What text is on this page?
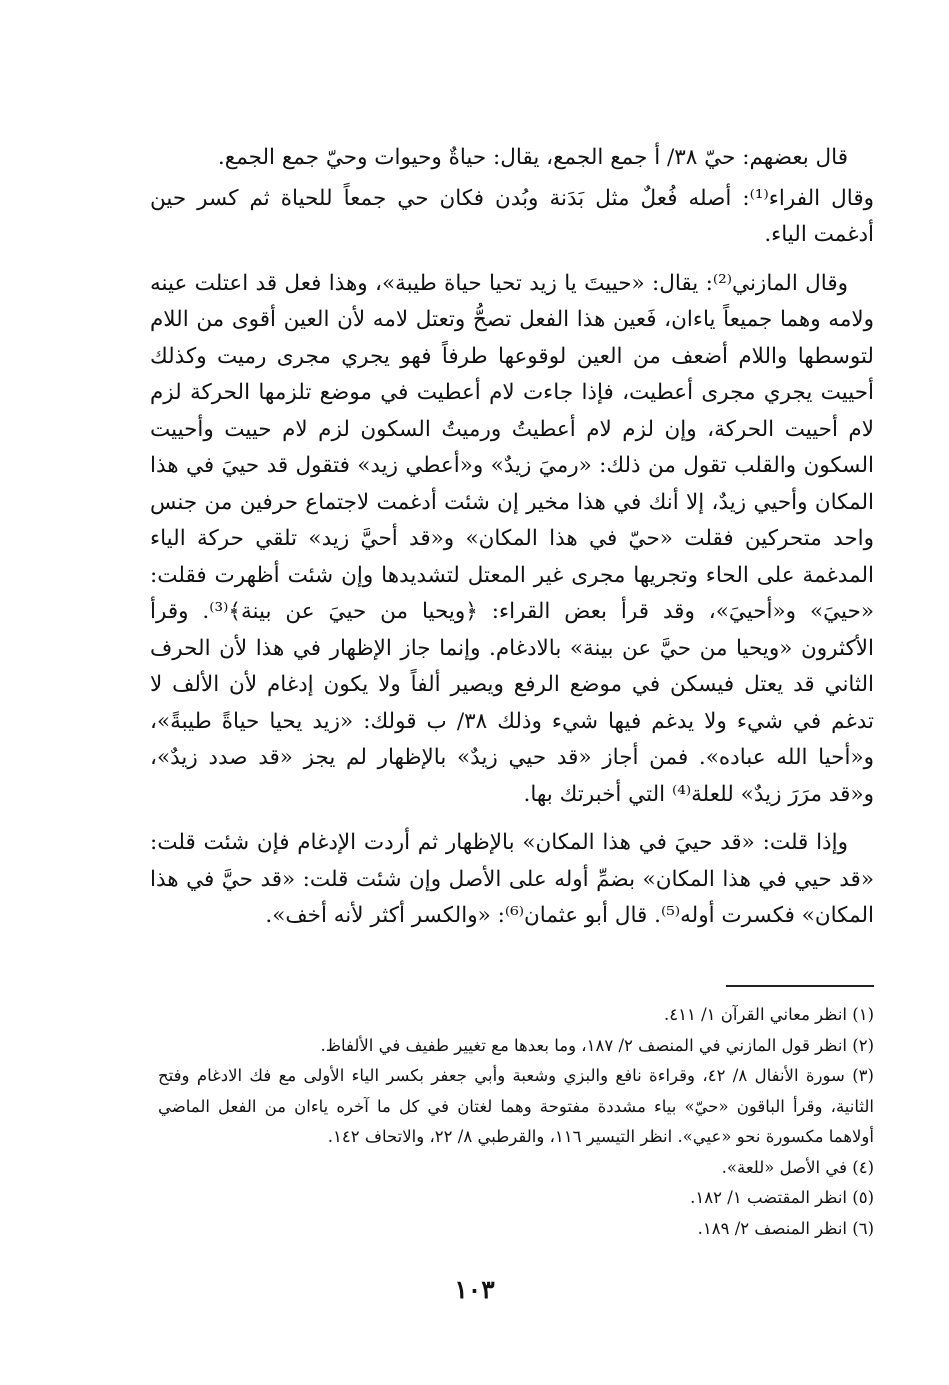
قال بعضهم: حيّ ٣٨/ أ جمع الجمع، يقال: حياةٌ وحيوات وحيّ جمع الجمع.

وقال الفراء⁽¹⁾: أصله فُعلٌ مثل بَدَنة وبُدن فكان حي جمعاً للحياة ثم كسر حين أدغمت الياء.

وقال المازني⁽²⁾: يقال: «حييتَ يا زيد تحيا حياة طيبة»، وهذا فعل قد اعتلت عينه ولامه وهما جميعاً ياءان، فَعين هذا الفعل تصحُّ وتعتل لامه لأن العين أقوى من اللام لتوسطها واللام أضعف من العين لوقوعها طرفاً فهو يجري مجرى رميت وكذلك أحييت يجري مجرى أعطيت، فإذا جاءت لام أعطيت في موضع تلزمها الحركة لزم لام أحييت الحركة، وإن لزم لام أعطيتُ ورميتُ السكون لزم لام حييت وأحييت السكون والقلب تقول من ذلك: «رميَ زيدٌ» و«أعطي زيد» فتقول قد حييَ في هذا المكان وأحيي زيدٌ، إلا أنك في هذا مخير إن شئت أدغمت لاجتماع حرفين من جنس واحد متحركين فقلت «حيّ في هذا المكان» و«قد أحيَّ زيد» تلقي حركة الياء المدغمة على الحاء وتجريها مجرى غير المعتل لتشديدها وإن شئت أظهرت فقلت: «حييَ» و«أحييَ»، وقد قرأ بعض القراء: ﴿ويحيا من حييَ عن بينة﴾⁽³⁾. وقرأ الأكثرون «ويحيا من حيَّ عن بينة» بالادغام. وإنما جاز الإظهار في هذا لأن الحرف الثاني قد يعتل فيسكن في موضع الرفع ويصير ألفاً ولا يكون إدغام لأن الألف لا تدغم في شيء ولا يدغم فيها شيء وذلك ٣٨/ ب قولك: «زيد يحيا حياةً طيبةً»، و«أحيا الله عباده». فمن أجاز «قد حيي زيدٌ» بالإظهار لم يجز «قد صدد زيدٌ»، و«قد مرَرَ زيدٌ» للعلة⁽⁴⁾ التي أخبرتك بها.

وإذا قلت: «قد حييَ في هذا المكان» بالإظهار ثم أردت الإدغام فإن شئت قلت: «قد حيي في هذا المكان» بضمِّ أوله على الأصل وإن شئت قلت: «قد حيَّ في هذا المكان» فكسرت أوله⁽⁵⁾. قال أبو عثمان⁽⁶⁾: «والكسر أكثر لأنه أخف».

(١) انظر معاني القرآن ١/ ٤١١.

(٢) انظر قول المازني في المنصف ٢/ ١٨٧، وما بعدها مع تغيير طفيف في الألفاظ.

(٣) سورة الأنفال ٨/ ٤٢، وقراءة نافع والبزي وشعبة وأبي جعفر بكسر الياء الأولى مع فك الادغام وفتح الثانية، وقرأ الباقون «حيّ» بياء مشددة مفتوحة وهما لغتان في كل ما آخره ياءان من الفعل الماضي أولاهما مكسورة نحو «عيي». انظر التيسير ١١٦، والقرطبي ٨/ ٢٢، والاتحاف ١٤٢.

(٤) في الأصل «للعة».

(٥) انظر المقتضب ١/ ١٨٢.

(٦) انظر المنصف ٢/ ١٨٩.

١٠٣
